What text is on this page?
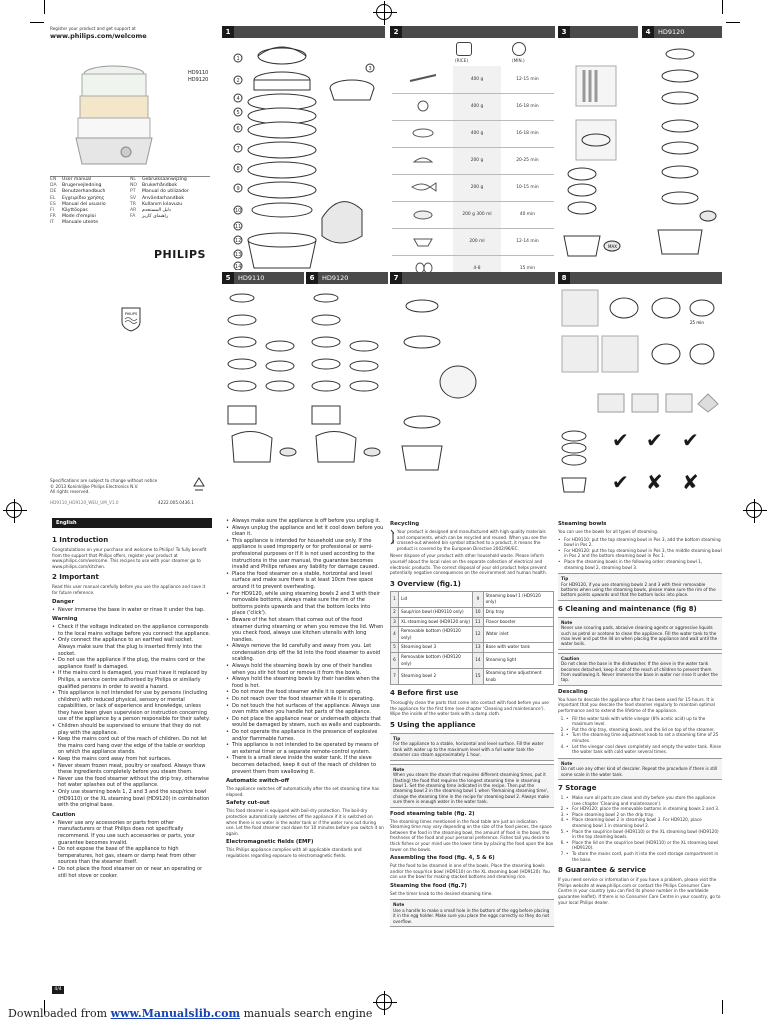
Register your product and get support at
www.philips.com/welcome
HD9110
HD9120
EN	User manual
DA	Brugervejledning
DE	Benutzerhandbuch
EL	Εγχειρίδιο χρήσης
ES	Manual del usuario
FI	Käyttöopas
FR	Mode d'emploi
IT	Manuale utente
NL	Gebruiksaanwijzing
NO	Brukerhåndbok
PT	Manual do utilizador
SV	Användarhandbok
TR	Kullanım kılavuzu
AR	دليل المستخدم
FA	راهنمای کاربر
PHILIPS
PHILIPS
Specifications are subject to change without notice
© 2013 Koninklijke Philips Electronics N.V.
All rights reserved.
4222.005.0436.1
HD9110_HD9120_WEU_UM_V1.0
1
1
2
4
5
6
7
8
9
10
11
12
13
14
3
2
(RICE)	(MIN.)
	400 g	12-15 min
	400 g	16-18 min
	400 g	16-18 min
	200 g	20-25 min
	200 g	10-15 min
	200 g 300 ml	40 min
	200 ml	12-14 min
	4-8	15 min
3	4	HD9120
MAX
5	HD9110	6	HD9120	7	8
25 min
✔ ✔ ✔
✔ ✘ ✘
English
1 Introduction

Congratulations on your purchase and welcome to Philips! To fully benefit from the support that Philips offers, register your product at www.philips.com/welcome. This recipes to use with your steamer go to www.philips.com/kitchen.

2 Important

Read this user manual carefully before you use the appliance and save it for future reference.

Danger
• Never immerse the base in water or rinse it under the tap.
Warning
• Check if the voltage indicated on the appliance corresponds to the local mains voltage before you connect the appliance.
• Only connect the appliance to an earthed wall socket. Always make sure that the plug is inserted firmly into the socket.
• Do not use the appliance if the plug, the mains cord or the appliance itself is damaged.
• If the mains cord is damaged, you must have it replaced by Philips, a service centre authorised by Philips or similarly qualified persons in order to avoid a hazard.
• This appliance is not intended for use by persons (including children) with reduced physical, sensory or mental capabilities, or lack of experience and knowledge, unless they have been given supervision or instruction concerning use of the appliance by a person responsible for their safety.
• Children should be supervised to ensure that they do not play with the appliance.
• Keep the mains cord out of the reach of children. Do not let the mains cord hang over the edge of the table or worktop on which the appliance stands.
• Keep the mains cord away from hot surfaces.
• Never steam frozen meat, poultry or seafood. Always thaw these ingredients completely before you steam them.
• Never use the food steamer without the drip tray, otherwise hot water splashes out of the appliance.
• Only use steaming bowls 1, 2 and 3 and the soup/rice bowl (HD9110) or the XL steaming bowl (HD9120) in combination with the original base.
Caution
• Never use any accessories or parts from other manufacturers or that Philips does not specifically recommend. If you use such accessories or parts, your guarantee becomes invalid.
• Do not expose the base of the appliance to high temperatures, hot gas, steam or damp heat from other sources than the steamer itself.
• Do not place the food steamer on or near an operating or still hot stove or cooker.
• Always make sure the appliance is off before you unplug it.
• Always unplug the appliance and let it cool down before you clean it.
• This appliance is intended for household use only. If the appliance is used improperly or for professional or semi-professional purposes or if it is not used according to the instructions in the user manual, the guarantee becomes invalid and Philips refuses any liability for damage caused.
• Place the food steamer on a stable, horizontal and level surface and make sure there is at least 10cm free space around it to prevent overheating.
• For HD9120, while using steaming bowls 2 and 3 with their removable bottoms, always make sure the rim of the bottoms points upwards and that the bottom locks into place ('click').
• Beware of the hot steam that comes out of the food steamer during steaming or when you remove the lid. When you check food, always use kitchen utensils with long handles.
• Always remove the lid carefully and away from you. Let condensation drip off the lid into the food steamer to avoid scalding.
• Always hold the steaming bowls by one of their handles when you stir hot food or remove it from the bowls.
• Always hold the steaming bowls by their handles when the food is hot.
• Do not move the food steamer while it is operating.
• Do not reach over the food steamer while it is operating.
• Do not touch the hot surfaces of the appliance. Always use oven mitts when you handle hot parts of the appliance.
• Do not place the appliance near or underneath objects that would be damaged by steam, such as walls and cupboards.
• Do not operate the appliance in the presence of explosive and/or flammable fumes.
• This appliance is not intended to be operated by means of an external timer or a separate remote-control system.
• There is a small sieve inside the water tank. If the sieve becomes detached, keep it out of the reach of children to prevent them from swallowing it.
Automatic switch-off

The appliance switches off automatically after the set steaming time has elapsed.

Safety cut-out

This food steamer is equipped with boil-dry protection. The boil-dry protection automatically switches off the appliance if it is switched on when there is no water in the water tank or if the water runs out during use. Let the food steamer cool down for 10 minutes before you switch it on again.

Electromagnetic fields (EMF)

This Philips appliance complies with all applicable standards and regulations regarding exposure to electromagnetic fields.

Recycling

Your product is designed and manufactured with high quality materials and components, which can be recycled and reused. When you see the crossed-out wheeled bin symbol attached to a product, it means the product is covered by the European Directive 2002/96/EC.

Never dispose of your product with other household waste. Please inform yourself about the local rules on the separate collection of electrical and electronic products. The correct disposal of your old product helps prevent potentially negative consequences on the environment and human health.

3 Overview (fig.1)
1	Lid	9	Steaming bowl 1 (HD9120 only)
2	Soup/rice bowl (HD9110 only)	10	Drip tray
3	XL steaming bowl (HD9120 only)	11	Flavor booster
4	Removable bottom (HD9120 only)	12	Water inlet
5	Steaming bowl 3	13	Base with water tank
6	Removable bottom (HD9120 only)	14	Steaming light
7	Steaming bowl 2	15	Steaming time adjustment knob
4 Before first use

Thoroughly clean the parts that come into contact with food before you use the appliance for the first time (see chapter 'Cleaning and maintenance'). Wipe the inside of the water tank with a damp cloth.

5 Using the appliance
Tip
For the appliance to a stable, horizontal and level surface. Fill the water tank with water up to the maximum level with a full water tank the steamer can steam approximately 1 hour.
Note
When you steam the steam that requires different steaming times, put it (fasting) the food that requires the longest steaming time in steaming bowl 1. Set the steaming time indicated in the recipe. Then put the steaming bowl 2 in the steaming bowl 1 when 'Remaining steaming time', change the steaming time in the recipe for steaming bowl 2. Always make sure there is enough water in the water tank.
Food steaming table (fig. 2)

The steaming times mentioned in the food table are just an indication. Steaming time may vary depending on the size of the food pieces, the space between the food in the steaming bowl, the amount of food in the bowl, the freshness of the food and your personal preference. Fishes tail you desire to thick fishes or your mind use the lower time by placing the food upon the box tower on the bowls.

Assembling the food (fig. 4, 5 & 6)

Put the food to be steamed in one of the bowls. Place the steaming bowls and/or the soup/rice bowl (HD9110) on the XL steaming bowl (HD9120). You can use the bowl for making stacked bottoms and steaming rice.

Steaming the food (fig.7)

Set the timer knob to the desired steaming time.

Note
Use a handle to make a small hole in the bottom of the egg before placing it in the egg holder. Make sure you place the eggs correctly so they do not overflow.
Steaming bowls

You can use the bowls for all types of steaming.

• For HD9110: put the top steaming bowl in Pos 3, add the bottom steaming bowl in Pos 2.
• For HD9120: put the top steaming bowl in Pos 3, the middle steaming bowl in Pos 2 and the bottom steaming bowl in Pos 1.
• Place the steaming bowls in the following order: steaming bowl 1, steaming bowl 2, steaming bowl 3.
Tip
For HD9120, if you use steaming bowls 2 and 3 with their removable bottoms when using the steaming bowls, please make sure the rim of the bottom points upwards and that the bottom locks into place.
6 Cleaning and maintenance (fig 8)
Note
Never use scouring pads, abrasive cleaning agents or aggressive liquids such as petrol or acetone to clean the appliance. Fill the water tank to the max level and put the lid on when placing the appliance and wait until the water boils.
Caution
Do not clean the base in the dishwasher. If the sieve in the water tank becomes detached, keep it out of the reach of children to prevent them from swallowing it. Never immerse the base in water nor rinse it under the tap.
Descaling

You have to descale the appliance after it has been used for 15 hours. It is important that you descale the food steamer regularly to maintain optimal performance and to extend the lifetime of the appliance.

• 1. Fill the water tank with white vinegar (8% acetic acid) up to the maximum level.
• 2. Put the drip tray, steaming bowls, and the lid on top of the steamer.
• 3. Turn the steaming time adjustment knob to set a steaming time of 25 minutes.
• 4. Let the vinegar cool down completely and empty the water tank. Rinse the water tank with cold water several times.
Note
Do not use any other kind of descaler. Repeat the procedure if there is still some scale in the water tank.
7 Storage
• 1. Make sure all parts are clean and dry before you store the appliance (see chapter 'Cleaning and maintenance').
• 2. For HD9120: place the removable bottoms in steaming bowls 2 and 3.
• 3. Place steaming bowl 2 on the drip tray.
• 4. Place steaming bowl 2 in steaming bowl 3. For HD9120, place steaming bowl 1 in steaming bowl 2.
• 5. Place the soup/rice bowl (HD9110) or the XL steaming bowl (HD9120) in the top steaming bowls.
• 6. Place the lid on the soup/rice bowl (HD9110) or the XL steaming bowl (HD9120).
• 7. To store the mains cord, push it into the cord storage compartment in the base.
8 Guarantee & service

If you need service or information or if you have a problem, please visit the Philips website at www.philips.com or contact the Philips Consumer Care Centre in your country (you can find its phone number in the worldwide guarantee leaflet). If there is no Consumer Care Centre in your country, go to your local Philips dealer.

4/4
Downloaded from www.Manualslib.com manuals search engine
